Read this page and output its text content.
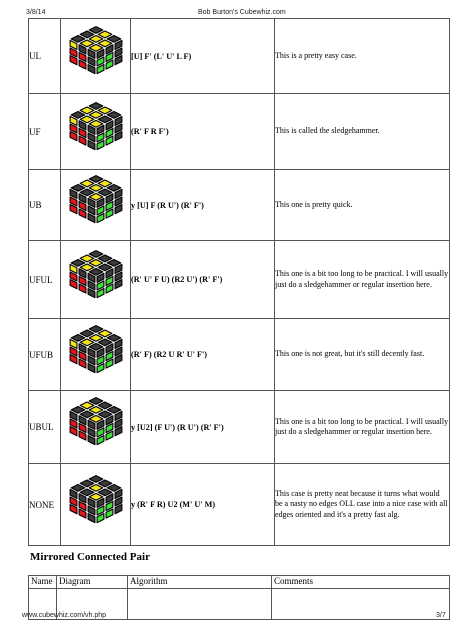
3/8/14	Bob Burton's Cubewhiz.com
UL		[U] F' (L' U' L F)	This is a pretty easy case.
UF		(R' F R F')	This is called the sledgehammer.
UB		y [U] F (R U') (R' F')	This one is pretty quick.
UFUL		(R' U' F U) (R2 U') (R' F')	This one is a bit too long to be practical. I will usually just do a sledgehammer or regular insertion here.
UFUB		(R' F) (R2 U R' U' F')	This one is not great, but it's still decently fast.
UBUL		y [U2] (F U') (R U') (R' F')	This one is a bit too long to be practical. I will usually just do a sledgehammer or regular insertion here.
NONE		y (R' F R) U2 (M' U' M)	This case is pretty neat because it turns what would be a nasty no edges OLL case into a nice case with all edges oriented and it's a pretty fast alg.
Mirrored Connected Pair
Name	Diagram	Algorithm	Comments

www.cubewhiz.com/vh.php	3/7
